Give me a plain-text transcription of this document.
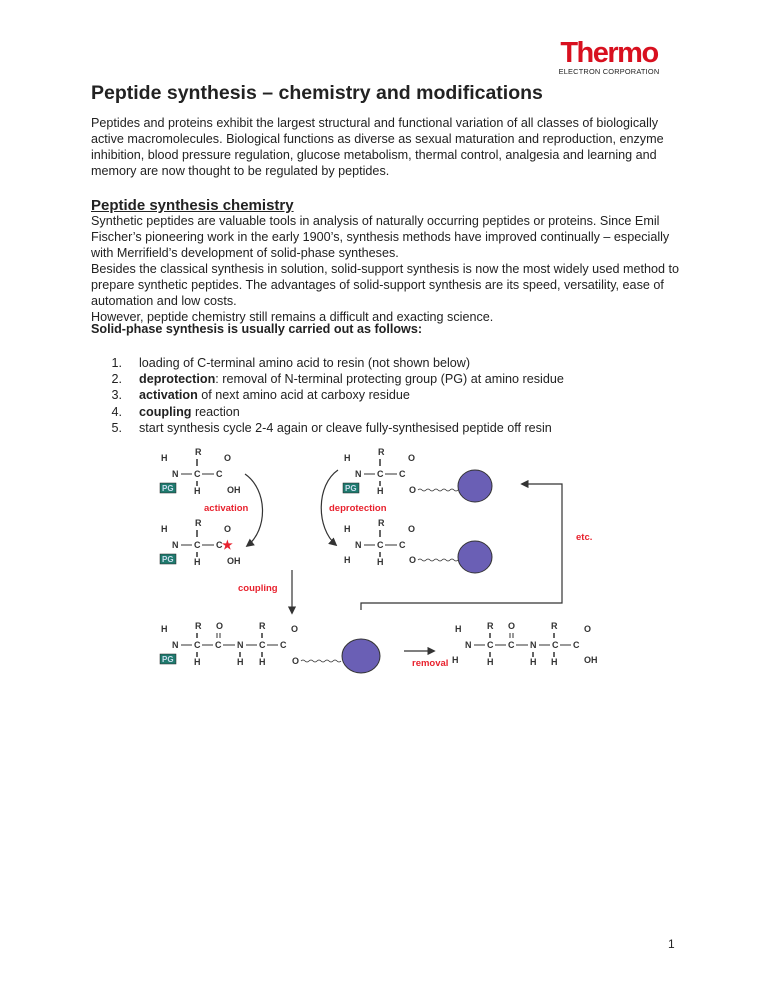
Thermo
ELECTRON CORPORATION
Peptide synthesis – chemistry and modifications

Peptides and proteins exhibit the largest structural and functional variation of all classes of biologically active macromolecules. Biological functions as diverse as sexual maturation and reproduction, enzyme inhibition, blood pressure regulation, glucose metabolism, thermal control, analgesia and learning and memory are now thought to be regulated by peptides.

Peptide synthesis chemistry

Synthetic peptides are valuable tools in analysis of naturally occurring peptides or proteins. Since Emil Fischer’s pioneering work in the early 1900’s, synthesis methods have improved continually – especially with Merrifield’s development of solid-phase syntheses.

Besides the classical synthesis in solution, solid-support synthesis is now the most widely used method to prepare synthetic peptides. The advantages of solid-support synthesis are its speed, versatility, ease of automation and low costs.

However, peptide chemistry still remains a difficult and exacting science.

Solid-phase synthesis is usually carried out as follows:

1.	loading of C-terminal amino acid to resin (not shown below)
2.	deprotection: removal of N-terminal protecting group (PG) at amino residue
3.	activation of next amino acid at carboxy residue
4.	coupling reaction
5.	start synthesis cycle 2-4 again or cleave fully-synthesised peptide off resin
H
R
O
N C C
H	OH
PG
activation
H
R
O
N C C ★
H	OH
PG
H
R
O
N C C
H	O
PG
deprotection
H
R
O
N C C
H	H	O
etc.
coupling
H	R O	R	O
N C C N C C
H	H H	O
PG	removal
H	R O	R	O
N C C N C C
H	H	H H	OH
1
